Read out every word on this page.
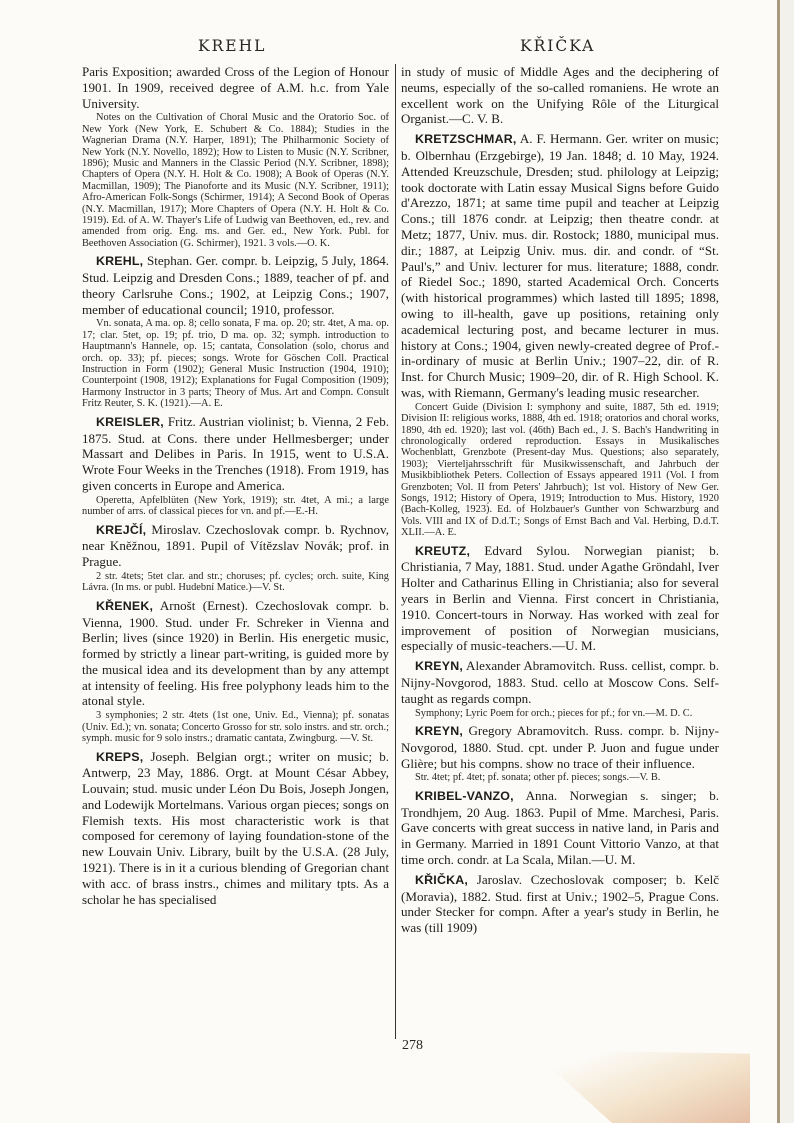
KREHL	KŘIČKA

Paris Exposition; awarded Cross of the Legion of Honour 1901. In 1909, received degree of A.M. h.c. from Yale University.

Notes on the Cultivation of Choral Music and the Oratorio Soc. of New York (New York, E. Schubert & Co. 1884); Studies in the Wagnerian Drama (N.Y. Harper, 1891); The Philharmonic Society of New York (N.Y. Novello, 1892); How to Listen to Music (N.Y. Scribner, 1896); Music and Manners in the Classic Period (N.Y. Scribner, 1898); Chapters of Opera (N.Y. H. Holt & Co. 1908); A Book of Operas (N.Y. Macmillan, 1909); The Pianoforte and its Music (N.Y. Scribner, 1911); Afro-American Folk-Songs (Schirmer, 1914); A Second Book of Operas (N.Y. Macmillan, 1917); More Chapters of Opera (N.Y. H. Holt & Co. 1919). Ed. of A. W. Thayer's Life of Ludwig van Beethoven, ed., rev. and amended from orig. Eng. ms. and Ger. ed., New York. Publ. for Beethoven Association (G. Schirmer), 1921. 3 vols.—O. K.

KREHL, Stephan. Ger. compr. b. Leipzig, 5 July, 1864. Stud. Leipzig and Dresden Cons.; 1889, teacher of pf. and theory Carlsruhe Cons.; 1902, at Leipzig Cons.; 1907, member of educational council; 1910, professor.

Vn. sonata, A ma. op. 8; cello sonata, F ma. op. 20; str. 4tet, A ma. op. 17; clar. 5tet, op. 19; pf. trio, D ma. op. 32; symph. introduction to Hauptmann's Hannele, op. 15; cantata, Consolation (solo, chorus and orch. op. 33); pf. pieces; songs. Wrote for Göschen Coll. Practical Instruction in Form (1902); General Music Instruction (1904, 1910); Counterpoint (1908, 1912); Explanations for Fugal Composition (1909); Harmony Instructor in 3 parts; Theory of Mus. Art and Compn. Consult Fritz Reuter, S. K. (1921).—A. E.

KREISLER, Fritz. Austrian violinist; b. Vienna, 2 Feb. 1875. Stud. at Cons. there under Hellmesberger; under Massart and Delibes in Paris. In 1915, went to U.S.A. Wrote Four Weeks in the Trenches (1918). From 1919, has given concerts in Europe and America.

Operetta, Apfelblüten (New York, 1919); str. 4tet, A mi.; a large number of arrs. of classical pieces for vn. and pf.—E.-H.

KREJČÍ, Miroslav. Czechoslovak compr. b. Rychnov, near Kněžnou, 1891. Pupil of Vítězslav Novák; prof. in Prague.

2 str. 4tets; 5tet clar. and str.; choruses; pf. cycles; orch. suite, King Lávra. (In ms. or publ. Hudební Matice.)—V. St.

KŘENEK, Arnošt (Ernest). Czechoslovak compr. b. Vienna, 1900. Stud. under Fr. Schreker in Vienna and Berlin; lives (since 1920) in Berlin. His energetic music, formed by strictly a linear part-writing, is guided more by the musical idea and its development than by any attempt at intensity of feeling. His free polyphony leads him to the atonal style.

3 symphonies; 2 str. 4tets (1st one, Univ. Ed., Vienna); pf. sonatas (Univ. Ed.); vn. sonata; Concerto Grosso for str. solo instrs. and str. orch.; symph. music for 9 solo instrs.; dramatic cantata, Zwingburg. —V. St.

KREPS, Joseph. Belgian orgt.; writer on music; b. Antwerp, 23 May, 1886. Orgt. at Mount César Abbey, Louvain; stud. music under Léon Du Bois, Joseph Jongen, and Lodewijk Mortelmans. Various organ pieces; songs on Flemish texts. His most characteristic work is that composed for ceremony of laying foundation-stone of the new Louvain Univ. Library, built by the U.S.A. (28 July, 1921). There is in it a curious blending of Gregorian chant with acc. of brass instrs., chimes and military tpts. As a scholar he has specialised

in study of music of Middle Ages and the deciphering of neums, especially of the so-called romaniens. He wrote an excellent work on the Unifying Rôle of the Liturgical Organist.—C. V. B.

KRETZSCHMAR, A. F. Hermann. Ger. writer on music; b. Olbernhau (Erzgebirge), 19 Jan. 1848; d. 10 May, 1924. Attended Kreuzschule, Dresden; stud. philology at Leipzig; took doctorate with Latin essay Musical Signs before Guido d'Arezzo, 1871; at same time pupil and teacher at Leipzig Cons.; till 1876 condr. at Leipzig; then theatre condr. at Metz; 1877, Univ. mus. dir. Rostock; 1880, municipal mus. dir.; 1887, at Leipzig Univ. mus. dir. and condr. of “St. Paul's,” and Univ. lecturer for mus. literature; 1888, condr. of Riedel Soc.; 1890, started Academical Orch. Concerts (with historical programmes) which lasted till 1895; 1898, owing to ill-health, gave up positions, retaining only academical lecturing post, and became lecturer in mus. history at Cons.; 1904, given newly-created degree of Prof.-in-ordinary of music at Berlin Univ.; 1907–22, dir. of R. Inst. for Church Music; 1909–20, dir. of R. High School. K. was, with Riemann, Germany's leading music researcher.

Concert Guide (Division I: symphony and suite, 1887, 5th ed. 1919; Division II: religious works, 1888, 4th ed. 1918; oratorios and choral works, 1890, 4th ed. 1920); last vol. (46th) Bach ed., J. S. Bach's Handwriting in chronologically ordered reproduction. Essays in Musikalisches Wochenblatt, Grenzbote (Present-day Mus. Questions; also separately, 1903); Vierteljahrsschrift für Musikwissenschaft, and Jahrbuch der Musikbibliothek Peters. Collection of Essays appeared 1911 (Vol. I from Grenzboten; Vol. II from Peters' Jahrbuch); 1st vol. History of New Ger. Songs, 1912; History of Opera, 1919; Introduction to Mus. History, 1920 (Bach-Kolleg, 1923). Ed. of Holzbauer's Gunther von Schwarzburg and Vols. VIII and IX of D.d.T.; Songs of Ernst Bach and Val. Herbing, D.d.T. XLII.—A. E.

KREUTZ, Edvard Sylou. Norwegian pianist; b. Christiania, 7 May, 1881. Stud. under Agathe Gröndahl, Iver Holter and Catharinus Elling in Christiania; also for several years in Berlin and Vienna. First concert in Christiania, 1910. Concert-tours in Norway. Has worked with zeal for improvement of position of Norwegian musicians, especially of music-teachers.—U. M.

KREYN, Alexander Abramovitch. Russ. cellist, compr. b. Nijny-Novgorod, 1883. Stud. cello at Moscow Cons. Self-taught as regards compn.

Symphony; Lyric Poem for orch.; pieces for pf.; for vn.—M. D. C.

KREYN, Gregory Abramovitch. Russ. compr. b. Nijny-Novgorod, 1880. Stud. cpt. under P. Juon and fugue under Glière; but his compns. show no trace of their influence.

Str. 4tet; pf. 4tet; pf. sonata; other pf. pieces; songs.—V. B.

KRIBEL-VANZO, Anna. Norwegian s. singer; b. Trondhjem, 20 Aug. 1863. Pupil of Mme. Marchesi, Paris. Gave concerts with great success in native land, in Paris and in Germany. Married in 1891 Count Vittorio Vanzo, at that time orch. condr. at La Scala, Milan.—U. M.

KŘIČKA, Jaroslav. Czechoslovak composer; b. Kelč (Moravia), 1882. Stud. first at Univ.; 1902–5, Prague Cons. under Stecker for compn. After a year's study in Berlin, he was (till 1909)

278
